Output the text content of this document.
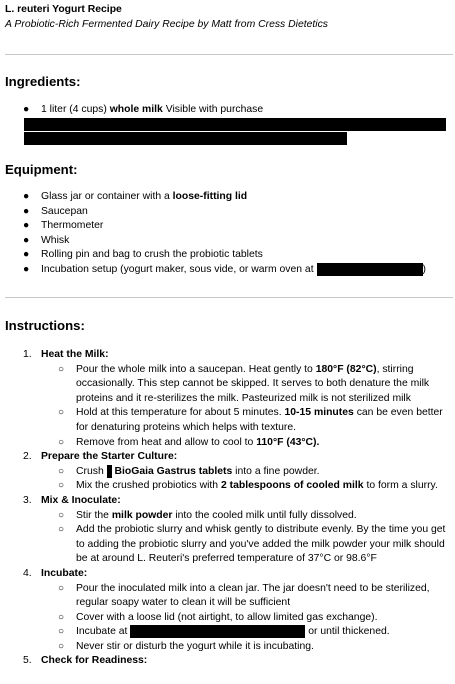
L. reuteri Yogurt Recipe
A Probiotic-Rich Fermented Dairy Recipe by Matt from Cress Dietetics
Ingredients:
● 1 liter (4 cups) whole milk Visible with purchase
Equipment:
● Glass jar or container with a loose-fitting lid
● Saucepan
● Thermometer
● Whisk
● Rolling pin and bag to crush the probiotic tablets
● Incubation setup (yogurt maker, sous vide, or warm oven at	)
Instructions:
1. Heat the Milk:
○ Pour the whole milk into a saucepan. Heat gently to 180°F (82°C), stirring occasionally. This step cannot be skipped. It serves to both denature the milk proteins and it re-sterilizes the milk. Pasteurized milk is not sterilized milk
○ Hold at this temperature for about 5 minutes. 10-15 minutes can be even better for denaturing proteins which helps with texture.
○ Remove from heat and allow to cool to 110°F (43°C).
2. Prepare the Starter Culture:
○ Crush  BioGaia Gastrus tablets into a fine powder.
○ Mix the crushed probiotics with 2 tablespoons of cooled milk to form a slurry.
3. Mix & Inoculate:
○ Stir the milk powder into the cooled milk until fully dissolved.
○ Add the probiotic slurry and whisk gently to distribute evenly. By the time you get to adding the probiotic slurry and you've added the milk powder your milk should be at around L. Reuteri's preferred temperature of 37°C or 98.6°F
4. Incubate:
○ Pour the inoculated milk into a clean jar. The jar doesn't need to be sterilized, regular soapy water to clean it will be sufficient
○ Cover with a loose lid (not airtight, to allow limited gas exchange).
○ Incubate at	or until thickened.
○ Never stir or disturb the yogurt while it is incubating.
5. Check for Readiness:
